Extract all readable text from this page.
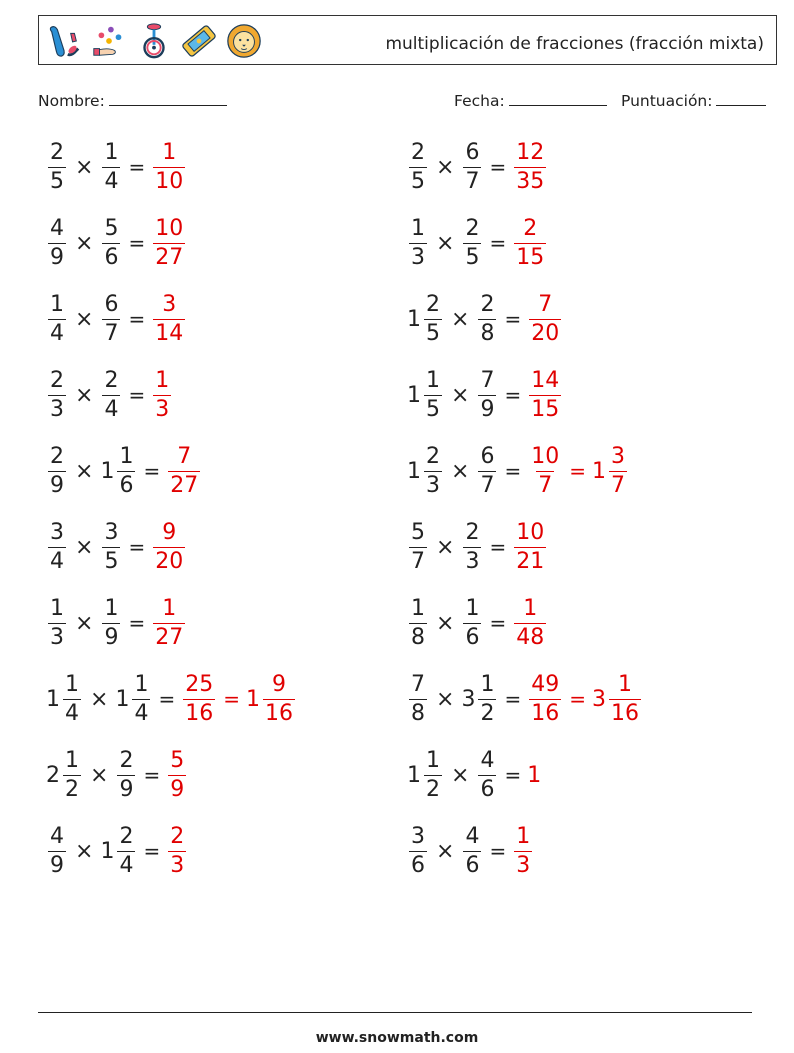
multiplicación de fracciones (fracción mixta)
Nombre:	Fecha:	Puntuación:
$\frac{2}{5} \times \frac{1}{4} = \frac{1}{10}$	$\frac{2}{5} \times \frac{6}{7} = \frac{12}{35}$
$\frac{4}{9} \times \frac{5}{6} = \frac{10}{27}$	$\frac{1}{3} \times \frac{2}{5} = \frac{2}{15}$
$\frac{1}{4} \times \frac{6}{7} = \frac{3}{14}$	$1 \frac{2}{5} \times \frac{2}{8} = \frac{7}{20}$
$\frac{2}{3} \times \frac{2}{4} = \frac{1}{3}$	$1 \frac{1}{5} \times \frac{7}{9} = \frac{14}{15}$
$\frac{2}{9} \times 1 \frac{1}{6} = \frac{7}{27}$	$1 \frac{2}{3} \times \frac{6}{7} = \frac{10}{7} = 1 \frac{3}{7}$
$\frac{3}{4} \times \frac{3}{5} = \frac{9}{20}$	$\frac{5}{7} \times \frac{2}{3} = \frac{10}{21}$
$\frac{1}{3} \times \frac{1}{9} = \frac{1}{27}$	$\frac{1}{8} \times \frac{1}{6} = \frac{1}{48}$
$1 \frac{1}{4} \times 1 \frac{1}{4} = \frac{25}{16} = 1 \frac{9}{16}$	$\frac{7}{8} \times 3 \frac{1}{2} = \frac{49}{16} = 3 \frac{1}{16}$
$2 \frac{1}{2} \times \frac{2}{9} = \frac{5}{9}$	$1 \frac{1}{2} \times \frac{4}{6} = 1$
$\frac{4}{9} \times 1 \frac{2}{4} = \frac{2}{3}$	$\frac{3}{6} \times \frac{4}{6} = \frac{1}{3}$
www.snowmath.com
